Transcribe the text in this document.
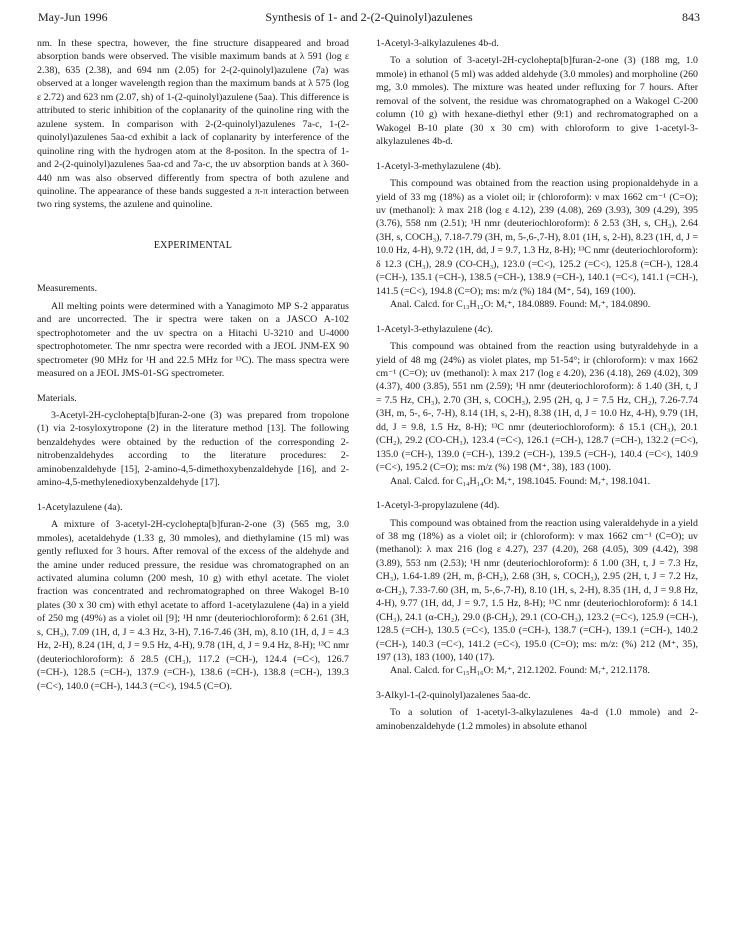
May-Jun 1996	Synthesis of 1- and 2-(2-Quinolyl)azulenes	843

nm. In these spectra, however, the fine structure disappeared and broad absorption bands were observed. The visible maximum bands at λ 591 (log ε 2.38), 635 (2.38), and 694 nm (2.05) for 2-(2-quinolyl)azulene (7a) was observed at a longer wavelength region than the maximum bands at λ 575 (log ε 2.72) and 623 nm (2.07, sh) of 1-(2-quinolyl)azulene (5aa). This difference is attributed to steric inhibition of the coplanarity of the quinoline ring with the azulene system. In comparison with 2-(2-quinolyl)azulenes 7a-c, 1-(2-quinolyl)azulenes 5aa-cd exhibit a lack of coplanarity by interference of the quinoline ring with the hydrogen atom at the 8-positon. In the spectra of 1- and 2-(2-quinolyl)azulenes 5aa-cd and 7a-c, the uv absorption bands at λ 360-440 nm was also observed differently from spectra of both azulene and quinoline. The appearance of these bands suggested a π-π interaction between two ring systems, the azulene and quinoline.

EXPERIMENTAL

Measurements.

All melting points were determined with a Yanagimoto MP S-2 apparatus and are uncorrected. The ir spectra were taken on a JASCO A-102 spectrophotometer and the uv spectra on a Hitachi U-3210 and U-4000 spectrophotometer. The nmr spectra were recorded with a JEOL JNM-EX 90 spectrometer (90 MHz for ¹H and 22.5 MHz for ¹³C). The mass spectra were measured on a JEOL JMS-01-SG spectrometer.

Materials.

3-Acetyl-2H-cyclohepta[b]furan-2-one (3) was prepared from tropolone (1) via 2-tosyloxytropone (2) in the literature method [13]. The following benzaldehydes were obtained by the reduction of the corresponding 2-nitrobenzaldehydes according to the literature procedures: 2-aminobenzaldehyde [15], 2-amino-4,5-dimethoxybenzaldehyde [16], and 2-amino-4,5-methylenedioxybenzaldehyde [17].

1-Acetylazulene (4a).

A mixture of 3-acetyl-2H-cyclohepta[b]furan-2-one (3) (565 mg, 3.0 mmoles), acetaldehyde (1.33 g, 30 mmoles), and diethylamine (15 ml) was gently refluxed for 3 hours. After removal of the excess of the aldehyde and the amine under reduced pressure, the residue was chromatographed on an activated alumina column (200 mesh, 10 g) with ethyl acetate. The violet fraction was concentrated and rechromatographed on three Wakogel B-10 plates (30 x 30 cm) with ethyl acetate to afford 1-acetylazulene (4a) in a yield of 250 mg (49%) as a violet oil [9]; ¹H nmr (deuteriochloroform): δ 2.61 (3H, s, CH₃), 7.09 (1H, d, J = 4.3 Hz, 3-H), 7.16-7.46 (3H, m), 8.10 (1H, d, J = 4.3 Hz, 2-H), 8.24 (1H, d, J = 9.5 Hz, 4-H), 9.78 (1H, d, J = 9.4 Hz, 8-H); ¹³C nmr (deuteriochloroform): δ 28.5 (CH₃), 117.2 (=CH-), 124.4 (=C<), 126.7 (=CH-), 128.5 (=CH-), 137.9 (=CH-), 138.6 (=CH-), 138.8 (=CH-), 139.3 (=C<), 140.0 (=CH-), 144.3 (=C<), 194.5 (C=O).

1-Acetyl-3-alkylazulenes 4b-d.

To a solution of 3-acetyl-2H-cyclohepta[b]furan-2-one (3) (188 mg, 1.0 mmole) in ethanol (5 ml) was added aldehyde (3.0 mmoles) and morpholine (260 mg, 3.0 mmoles). The mixture was heated under refluxing for 7 hours. After removal of the solvent, the residue was chromatographed on a Wakogel C-200 column (10 g) with hexane-diethyl ether (9:1) and rechromatographed on a Wakogel B-10 plate (30 x 30 cm) with chloroform to give 1-acetyl-3-alkylazulenes 4b-d.

1-Acetyl-3-methylazulene (4b).

This compound was obtained from the reaction using propionaldehyde in a yield of 33 mg (18%) as a violet oil; ir (chloroform): ν max 1662 cm⁻¹ (C=O); uv (methanol): λ max 218 (log ε 4.12), 239 (4.08), 269 (3.93), 309 (4.29), 395 (3.76), 558 nm (2.51); ¹H nmr (deuteriochloroform): δ 2.53 (3H, s, CH₃), 2.64 (3H, s, COCH₃), 7.18-7.79 (3H, m, 5-,6-,7-H), 8.01 (1H, s, 2-H), 8.23 (1H, d, J = 10.0 Hz, 4-H), 9.72 (1H, dd, J = 9.7, 1.3 Hz, 8-H); ¹³C nmr (deuteriochloroform): δ 12.3 (CH₃), 28.9 (CO-CH₃), 123.0 (=C<), 125.2 (=C<), 125.8 (=CH-), 128.4 (=CH-), 135.1 (=CH-), 138.5 (=CH-), 138.9 (=CH-), 140.1 (=C<), 141.1 (=CH-), 141.5 (=C<), 194.8 (C=O); ms: m/z (%) 184 (M⁺, 54), 169 (100).

Anal. Calcd. for C₁₃H₁₂O: Mᵣ⁺, 184.0889. Found: Mᵣ⁺, 184.0890.

1-Acetyl-3-ethylazulene (4c).

This compound was obtained from the reaction using butyraldehyde in a yield of 48 mg (24%) as violet plates, mp 51-54°; ir (chloroform): ν max 1662 cm⁻¹ (C=O); uv (methanol): λ max 217 (log ε 4.20), 236 (4.18), 269 (4.02), 309 (4.37), 400 (3.85), 551 nm (2.59); ¹H nmr (deuteriochloroform): δ 1.40 (3H, t, J = 7.5 Hz, CH₃), 2.70 (3H, s, COCH₃), 2.95 (2H, q, J = 7.5 Hz, CH₂), 7.26-7.74 (3H, m, 5-, 6-, 7-H), 8.14 (1H, s, 2-H), 8.38 (1H, d, J = 10.0 Hz, 4-H), 9.79 (1H, dd, J = 9.8, 1.5 Hz, 8-H); ¹³C nmr (deuteriochloroform): δ 15.1 (CH₃), 20.1 (CH₂), 29.2 (CO-CH₃), 123.4 (=C<), 126.1 (=CH-), 128.7 (=CH-), 132.2 (=C<), 135.0 (=CH-), 139.0 (=CH-), 139.2 (=CH-), 139.5 (=CH-), 140.4 (=C<), 140.9 (=C<), 195.2 (C=O); ms: m/z (%) 198 (M⁺, 38), 183 (100).

Anal. Calcd. for C₁₄H₁₄O: Mᵣ⁺, 198.1045. Found: Mᵣ⁺, 198.1041.

1-Acetyl-3-propylazulene (4d).

This compound was obtained from the reaction using valeraldehyde in a yield of 38 mg (18%) as a violet oil; ir (chloroform): ν max 1662 cm⁻¹ (C=O); uv (methanol): λ max 216 (log ε 4.27), 237 (4.20), 268 (4.05), 309 (4.42), 398 (3.89), 553 nm (2.53); ¹H nmr (deuteriochloroform): δ 1.00 (3H, t, J = 7.3 Hz, CH₃), 1.64-1.89 (2H, m, β-CH₂), 2.68 (3H, s, COCH₃), 2.95 (2H, t, J = 7.2 Hz, α-CH₂), 7.33-7.60 (3H, m, 5-,6-,7-H), 8.10 (1H, s, 2-H), 8.35 (1H, d, J = 9.8 Hz, 4-H), 9.77 (1H, dd, J = 9.7, 1.5 Hz, 8-H); ¹³C nmr (deuteriochloroform): δ 14.1 (CH₃), 24.1 (α-CH₂), 29.0 (β-CH₂), 29.1 (CO-CH₃), 123.2 (=C<), 125.9 (=CH-), 128.5 (=CH-), 130.5 (=C<), 135.0 (=CH-), 138.7 (=CH-), 139.1 (=CH-), 140.2 (=CH-), 140.3 (=C<), 141.2 (=C<), 195.0 (C=O); ms: m/z: (%) 212 (M⁺, 35), 197 (13), 183 (100), 140 (17).

Anal. Calcd. for C₁₅H₁₆O: Mᵣ⁺, 212.1202. Found: Mᵣ⁺, 212.1178.

3-Alkyl-1-(2-quinolyl)azalenes 5aa-dc.

To a solution of 1-acetyl-3-alkylazulenes 4a-d (1.0 mmole) and 2-aminobenzaldehyde (1.2 mmoles) in absolute ethanol
